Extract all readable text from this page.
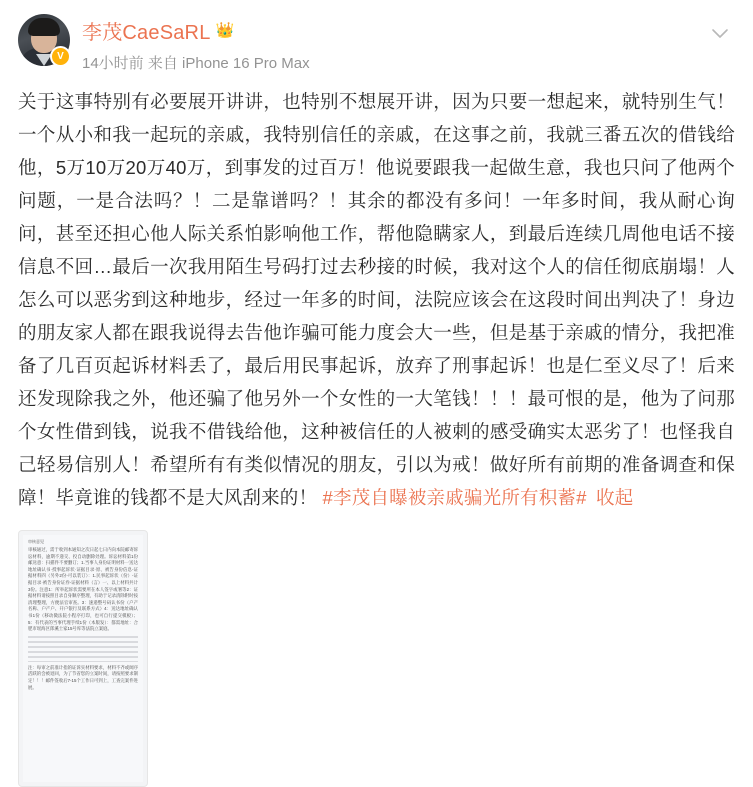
V
李茂CaeSaRL 👑
14小时前 来自 iPhone 16 Pro Max
关于这事特别有必要展开讲讲，也特别不想展开讲，因为只要一想起来，就特别生气！一个从小和我一起玩的亲戚，我特别信任的亲戚，在这事之前，我就三番五次的借钱给他，5万10万20万40万，到事发的过百万！他说要跟我一起做生意，我也只问了他两个问题，一是合法吗？！二是靠谱吗？！其余的都没有多问！一年多时间，我从耐心询问，甚至还担心他人际关系怕影响他工作，帮他隐瞒家人，到最后连续几周他电话不接信息不回…最后一次我用陌生号码打过去秒接的时候，我对这个人的信任彻底崩塌！人怎么可以恶劣到这种地步，经过一年多的时间，法院应该会在这段时间出判决了！身边的朋友家人都在跟我说得去告他诈骗可能力度会大一些，但是基于亲戚的情分，我把准备了几百页起诉材料丢了，最后用民事起诉，放弃了刑事起诉！也是仁至义尽了！后来还发现除我之外，他还骗了他另外一个女性的一大笔钱！！！最可恨的是，他为了问那个女性借到钱，说我不借钱给他，这种被信任的人被刺的感受确实太恶劣了！也怪我自己轻易信别人！希望所有有类似情况的朋友，引以为戒！做好所有前期的准备调查和保障！毕竟谁的钱都不是大风刮来的！ #李茂自曝被亲戚骗光所有积蓄# 收起
审核意见
审核通过，需于收到本通知之次日起七日内向本院邮寄诉讼材料，逾期不递交、投自动删除处理。诉讼材料第1份邮送意：扫描件不要删订；1.当事人身份证明材料一送达地址确认书·授事起诉状·证据目录·原、被告身份信息-证据材料四（另外2份-可以装订）：1.民事起诉状（份）-证据目录·被告身份证券-证据材料（言）一、以上材料共计3份。注意1：所举起诉状需要所在本人签字或署等2：证据材料请按照目录自身顺序整理，有助于记录清除附时按清理整理，方便法官审查。3：速递整号码认书份（户产名称、户产户、开户银行及联系方式）4：送达地址确认书1份（移动微法院小程序打印，也可自行提交模板）；5：有代表的当事代理手续1份（本版发）：都需地址：合肥市瑶海区郎溪士家15号库等法院立案庭。
注：每审之前准计指的证诉实材料要求，材料不齐或阔序活跃的会被退回，为了节省您的立案时间，请按照要求制定！！！邮件签收后7-15个工作日可到上，工查完案件进展。
